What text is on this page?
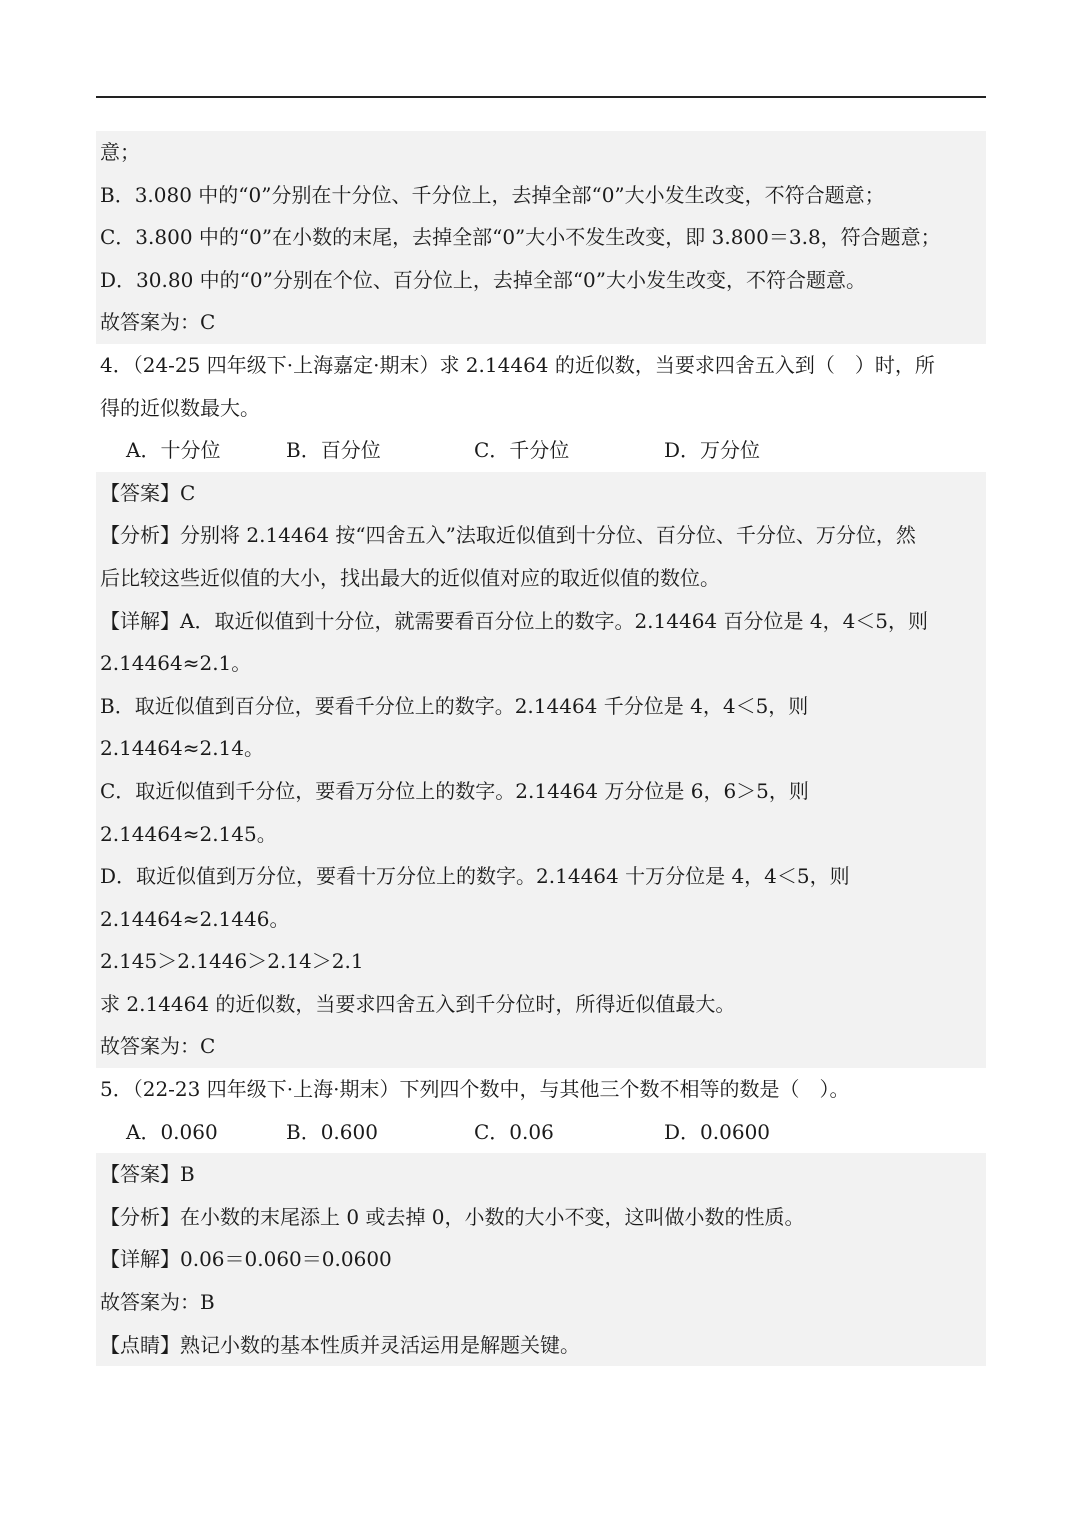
意；
B．3.080 中的“0”分别在十分位、千分位上，去掉全部“0”大小发生改变，不符合题意；
C．3.800 中的“0”在小数的末尾，去掉全部“0”大小不发生改变，即 3.800＝3.8，符合题意；
D．30.80 中的“0”分别在个位、百分位上，去掉全部“0”大小发生改变，不符合题意。
故答案为：C
4．（24-25 四年级下·上海嘉定·期末）求 2.14464 的近似数，当要求四舍五入到（　）时，所
得的近似数最大。
A．十分位	B．百分位	C．千分位	D．万分位
【答案】C
【分析】分别将 2.14464 按“四舍五入”法取近似值到十分位、百分位、千分位、万分位，然
后比较这些近似值的大小，找出最大的近似值对应的取近似值的数位。
【详解】A．取近似值到十分位，就需要看百分位上的数字。2.14464 百分位是 4，4＜5，则
2.14464≈2.1。
B．取近似值到百分位，要看千分位上的数字。2.14464 千分位是 4，4＜5，则
2.14464≈2.14。
C．取近似值到千分位，要看万分位上的数字。2.14464 万分位是 6，6＞5，则
2.14464≈2.145。
D．取近似值到万分位，要看十万分位上的数字。2.14464 十万分位是 4，4＜5，则
2.14464≈2.1446。
2.145＞2.1446＞2.14＞2.1
求 2.14464 的近似数，当要求四舍五入到千分位时，所得近似值最大。
故答案为：C
5．（22-23 四年级下·上海·期末）下列四个数中，与其他三个数不相等的数是（　）。
A．0.060	B．0.600	C．0.06	D．0.0600
【答案】B
【分析】在小数的末尾添上 0 或去掉 0，小数的大小不变，这叫做小数的性质。
【详解】0.06＝0.060＝0.0600
故答案为：B
【点睛】熟记小数的基本性质并灵活运用是解题关键。
